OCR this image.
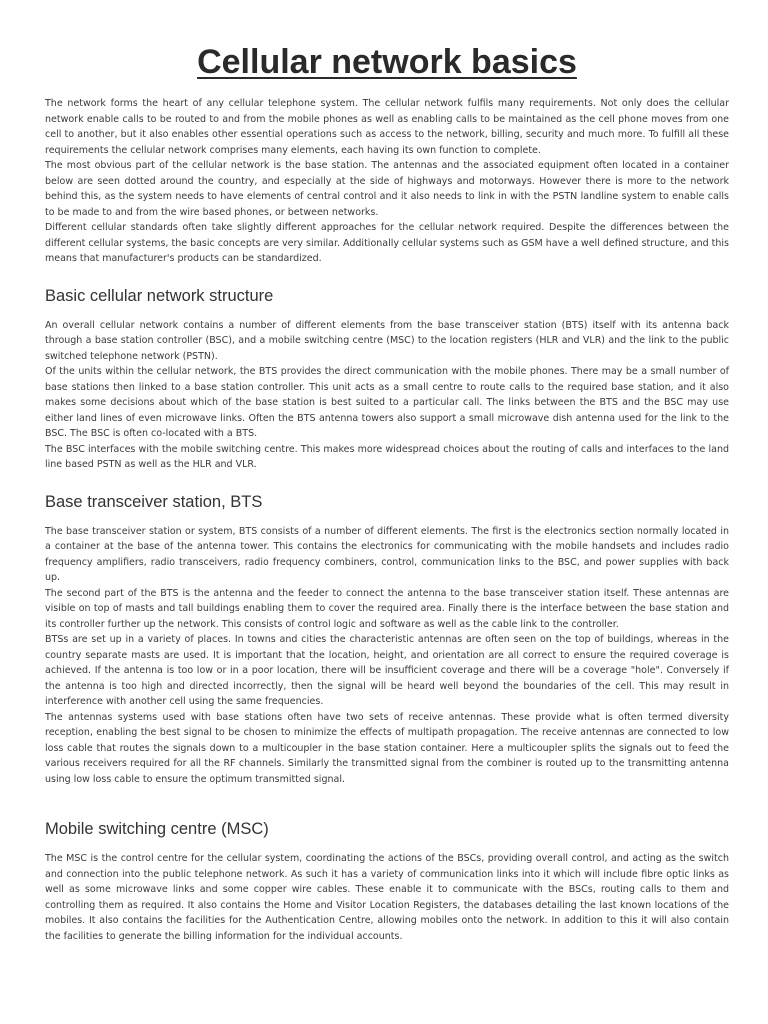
Cellular network basics

The network forms the heart of any cellular telephone system. The cellular network fulfils many requirements. Not only does the cellular network enable calls to be routed to and from the mobile phones as well as enabling calls to be maintained as the cell phone moves from one cell to another, but it also enables other essential operations such as access to the network, billing, security and much more. To fulfill all these requirements the cellular network comprises many elements, each having its own function to complete.

The most obvious part of the cellular network is the base station. The antennas and the associated equipment often located in a container below are seen dotted around the country, and especially at the side of highways and motorways. However there is more to the network behind this, as the system needs to have elements of central control and it also needs to link in with the PSTN landline system to enable calls to be made to and from the wire based phones, or between networks.

Different cellular standards often take slightly different approaches for the cellular network required. Despite the differences between the different cellular systems, the basic concepts are very similar. Additionally cellular systems such as GSM have a well defined structure, and this means that manufacturer's products can be standardized.

Basic cellular network structure

An overall cellular network contains a number of different elements from the base transceiver station (BTS) itself with its antenna back through a base station controller (BSC), and a mobile switching centre (MSC) to the location registers (HLR and VLR) and the link to the public switched telephone network (PSTN).

Of the units within the cellular network, the BTS provides the direct communication with the mobile phones. There may be a small number of base stations then linked to a base station controller. This unit acts as a small centre to route calls to the required base station, and it also makes some decisions about which of the base station is best suited to a particular call. The links between the BTS and the BSC may use either land lines of even microwave links. Often the BTS antenna towers also support a small microwave dish antenna used for the link to the BSC. The BSC is often co-located with a BTS.

The BSC interfaces with the mobile switching centre. This makes more widespread choices about the routing of calls and interfaces to the land line based PSTN as well as the HLR and VLR.

Base transceiver station, BTS

The base transceiver station or system, BTS consists of a number of different elements. The first is the electronics section normally located in a container at the base of the antenna tower. This contains the electronics for communicating with the mobile handsets and includes radio frequency amplifiers, radio transceivers, radio frequency combiners, control, communication links to the BSC, and power supplies with back up.

The second part of the BTS is the antenna and the feeder to connect the antenna to the base transceiver station itself. These antennas are visible on top of masts and tall buildings enabling them to cover the required area. Finally there is the interface between the base station and its controller further up the network. This consists of control logic and software as well as the cable link to the controller.

BTSs are set up in a variety of places. In towns and cities the characteristic antennas are often seen on the top of buildings, whereas in the country separate masts are used. It is important that the location, height, and orientation are all correct to ensure the required coverage is achieved. If the antenna is too low or in a poor location, there will be insufficient coverage and there will be a coverage "hole". Conversely if the antenna is too high and directed incorrectly, then the signal will be heard well beyond the boundaries of the cell. This may result in interference with another cell using the same frequencies.

The antennas systems used with base stations often have two sets of receive antennas. These provide what is often termed diversity reception, enabling the best signal to be chosen to minimize the effects of multipath propagation. The receive antennas are connected to low loss cable that routes the signals down to a multicoupler in the base station container. Here a multicoupler splits the signals out to feed the various receivers required for all the RF channels. Similarly the transmitted signal from the combiner is routed up to the transmitting antenna using low loss cable to ensure the optimum transmitted signal.

Mobile switching centre (MSC)

The MSC is the control centre for the cellular system, coordinating the actions of the BSCs, providing overall control, and acting as the switch and connection into the public telephone network. As such it has a variety of communication links into it which will include fibre optic links as well as some microwave links and some copper wire cables. These enable it to communicate with the BSCs, routing calls to them and controlling them as required. It also contains the Home and Visitor Location Registers, the databases detailing the last known locations of the mobiles. It also contains the facilities for the Authentication Centre, allowing mobiles onto the network. In addition to this it will also contain the facilities to generate the billing information for the individual accounts.
